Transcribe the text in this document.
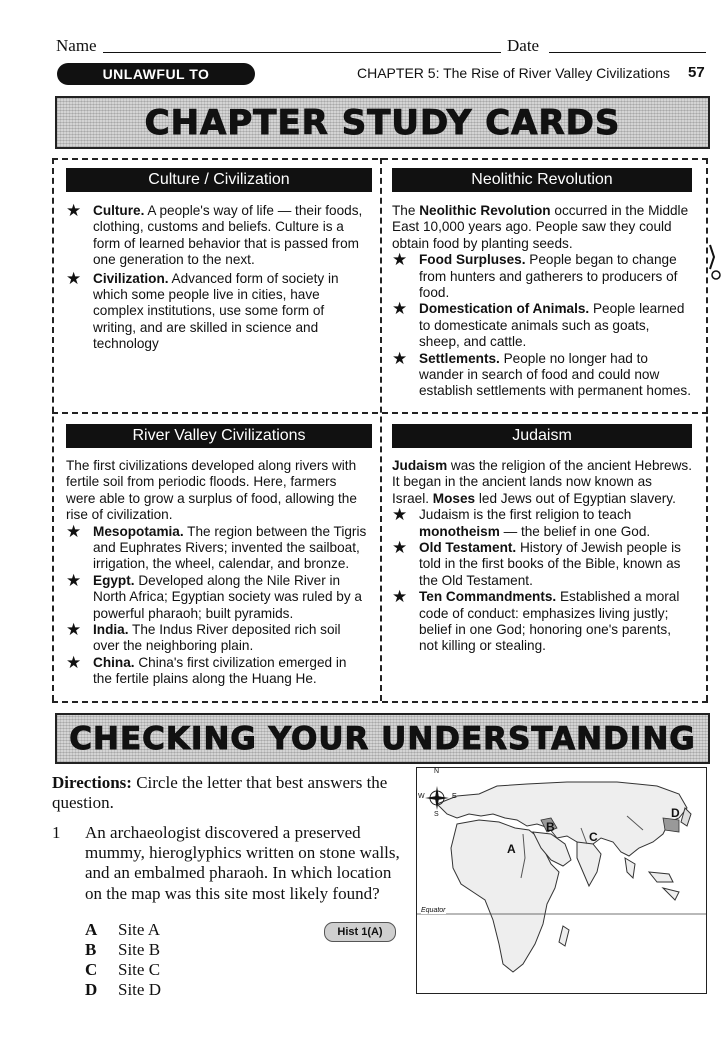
Name	Date
UNLAWFUL TO	CHAPTER 5: The Rise of River Valley Civilizations 57
CHAPTER STUDY CARDS
Culture / Civilization

★ Culture. A people's way of life — their foods, clothing, customs and beliefs. Culture is a form of learned behavior that is passed from one generation to the next.

★ Civilization. Advanced form of society in which some people live in cities, have complex institutions, use some form of writing, and are skilled in science and technology

Neolithic Revolution

The Neolithic Revolution occurred in the Middle East 10,000 years ago. People saw they could obtain food by planting seeds.

★ Food Surpluses. People began to change from hunters and gatherers to producers of food.

★ Domestication of Animals. People learned to domesticate animals such as goats, sheep, and cattle.

★ Settlements. People no longer had to wander in search of food and could now establish settlements with permanent homes.

River Valley Civilizations

The first civilizations developed along rivers with fertile soil from periodic floods. Here, farmers were able to grow a surplus of food, allowing the rise of civilization.

★ Mesopotamia. The region between the Tigris and Euphrates Rivers; invented the sailboat, irrigation, the wheel, calendar, and bronze.

★ Egypt. Developed along the Nile River in North Africa; Egyptian society was ruled by a powerful pharaoh; built pyramids.

★ India. The Indus River deposited rich soil over the neighboring plain.

★ China. China's first civilization emerged in the fertile plains along the Huang He.

Judaism

Judaism was the religion of the ancient Hebrews. It began in the ancient lands now known as Israel. Moses led Jews out of Egyptian slavery.

★ Judaism is the first religion to teach monotheism — the belief in one God.

★ Old Testament. History of Jewish people is told in the first books of the Bible, known as the Old Testament.

★ Ten Commandments. Established a moral code of conduct: emphasizes living justly; belief in one God; honoring one's parents, not killing or stealing.

CHECKING YOUR UNDERSTANDING
Directions: Circle the letter that best answers the question.
1 An archaeologist discovered a preserved mummy, hieroglyphics written on stone walls, and an embalmed pharaoh. In which location on the map was this site most likely found?
A Site A
B Site B
C Site C
D Site D
Hist 1(A)
N
S
E
W
A
B
C
D
Equator
